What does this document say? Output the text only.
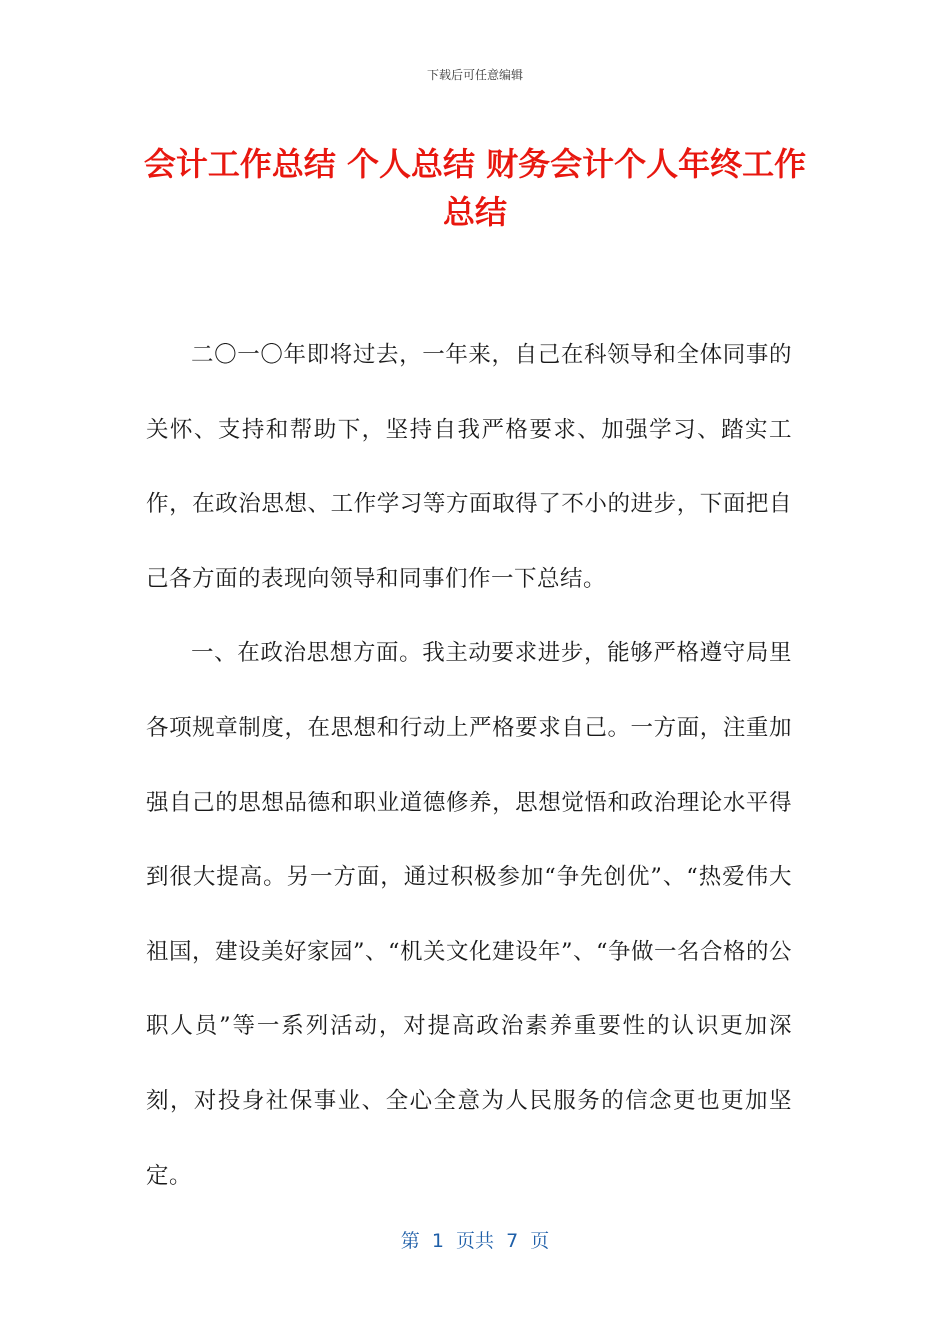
下载后可任意编辑
会计工作总结 个人总结 财务会计个人年终工作总结

二〇一〇年即将过去，一年来，自己在科领导和全体同事的关怀、支持和帮助下，坚持自我严格要求、加强学习、踏实工作，在政治思想、工作学习等方面取得了不小的进步，下面把自己各方面的表现向领导和同事们作一下总结。

一、在政治思想方面。我主动要求进步，能够严格遵守局里各项规章制度，在思想和行动上严格要求自己。一方面，注重加强自己的思想品德和职业道德修养，思想觉悟和政治理论水平得到很大提高。另一方面，通过积极参加“争先创优”、“热爱伟大祖国，建设美好家园”、“机关文化建设年”、“争做一名合格的公职人员”等一系列活动，对提高政治素养重要性的认识更加深刻，对投身社保事业、全心全意为人民服务的信念更也更加坚定。

第  1  页共  7  页
